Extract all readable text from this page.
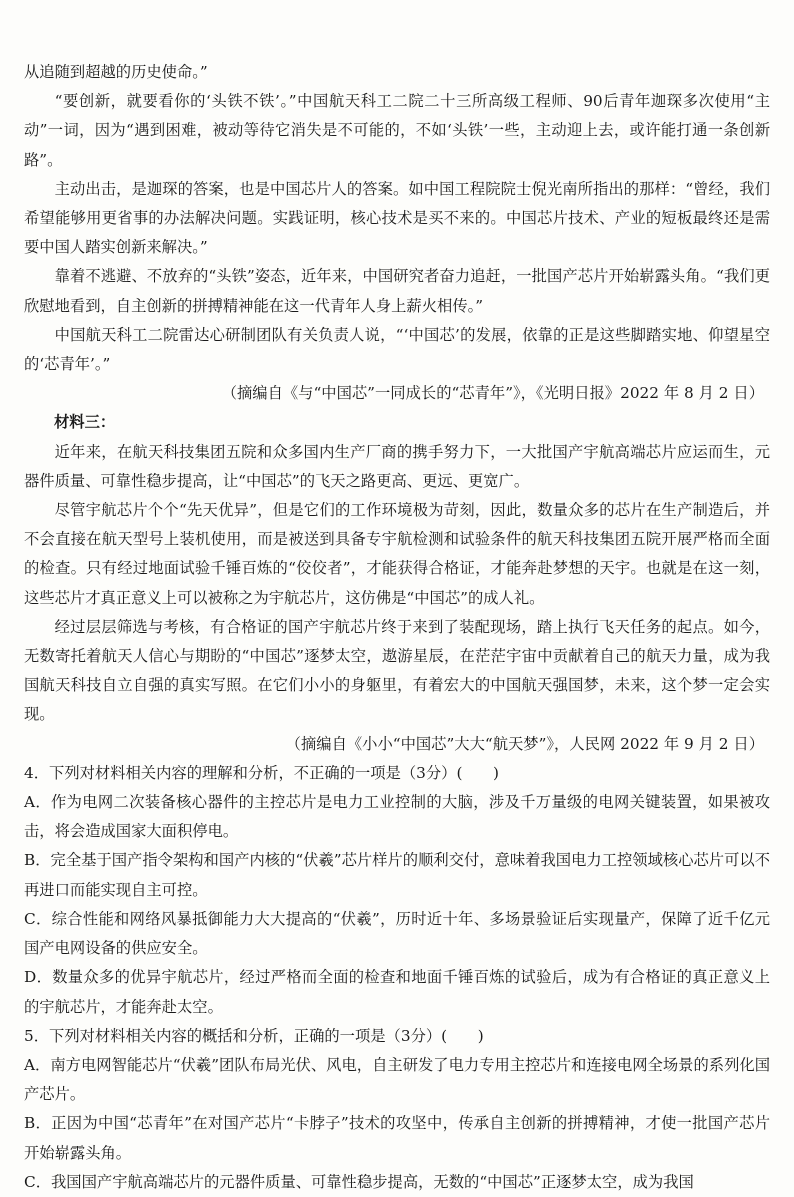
从追随到超越的历史使命。”

“要创新，就要看你的‘头铁不铁’。”中国航天科工二院二十三所高级工程师、90后青年迦琛多次使用“主动”一词，因为“遇到困难，被动等待它消失是不可能的，不如‘头铁’一些，主动迎上去，或许能打通一条创新路”。

主动出击，是迦琛的答案，也是中国芯片人的答案。如中国工程院院士倪光南所指出的那样：“曾经，我们希望能够用更省事的办法解决问题。实践证明，核心技术是买不来的。中国芯片技术、产业的短板最终还是需要中国人踏实创新来解决。”

靠着不逃避、不放弃的“头铁”姿态，近年来，中国研究者奋力追赶，一批国产芯片开始崭露头角。“我们更欣慰地看到，自主创新的拼搏精神能在这一代青年人身上薪火相传。”

中国航天科工二院雷达心研制团队有关负责人说，“‘中国芯’的发展，依靠的正是这些脚踏实地、仰望星空的‘芯青年’。”

（摘编自《与“中国芯”一同成长的“芯青年”》，《光明日报》2022 年 8 月 2 日）

材料三：

近年来，在航天科技集团五院和众多国内生产厂商的携手努力下，一大批国产宇航高端芯片应运而生，元器件质量、可靠性稳步提高，让“中国芯”的飞天之路更高、更远、更宽广。

尽管宇航芯片个个“先天优异”，但是它们的工作环境极为苛刻，因此，数量众多的芯片在生产制造后，并不会直接在航天型号上装机使用，而是被送到具备专宇航检测和试验条件的航天科技集团五院开展严格而全面的检查。只有经过地面试验千锤百炼的“佼佼者”，才能获得合格证，才能奔赴梦想的天宇。也就是在这一刻，这些芯片才真正意义上可以被称之为宇航芯片，这仿佛是“中国芯”的成人礼。

经过层层筛选与考核，有合格证的国产宇航芯片终于来到了装配现场，踏上执行飞天任务的起点。如今，无数寄托着航天人信心与期盼的“中国芯”逐梦太空，遨游星辰，在茫茫宇宙中贡献着自己的航天力量，成为我国航天科技自立自强的真实写照。在它们小小的身躯里，有着宏大的中国航天强国梦，未来，这个梦一定会实现。

（摘编自《小小“中国芯”大大“航天梦”》，人民网 2022 年 9 月 2 日）

4．下列对材料相关内容的理解和分析，不正确的一项是（3分）(　　)

A．作为电网二次装备核心器件的主控芯片是电力工业控制的大脑，涉及千万量级的电网关键装置，如果被攻击，将会造成国家大面积停电。

B．完全基于国产指令架构和国产内核的“伏羲”芯片样片的顺利交付，意味着我国电力工控领域核心芯片可以不再进口而能实现自主可控。

C．综合性能和网络风暴抵御能力大大提高的“伏羲”，历时近十年、多场景验证后实现量产，保障了近千亿元国产电网设备的供应安全。

D．数量众多的优异宇航芯片，经过严格而全面的检查和地面千锤百炼的试验后，成为有合格证的真正意义上的宇航芯片，才能奔赴太空。

5．下列对材料相关内容的概括和分析，正确的一项是（3分）(　　)

A．南方电网智能芯片“伏羲”团队布局光伏、风电，自主研发了电力专用主控芯片和连接电网全场景的系列化国产芯片。

B．正因为中国“芯青年”在对国产芯片“卡脖子”技术的攻坚中，传承自主创新的拼搏精神，才使一批国产芯片开始崭露头角。

C．我国国产宇航高端芯片的元器件质量、可靠性稳步提高，无数的“中国芯”正逐梦太空，成为我国
